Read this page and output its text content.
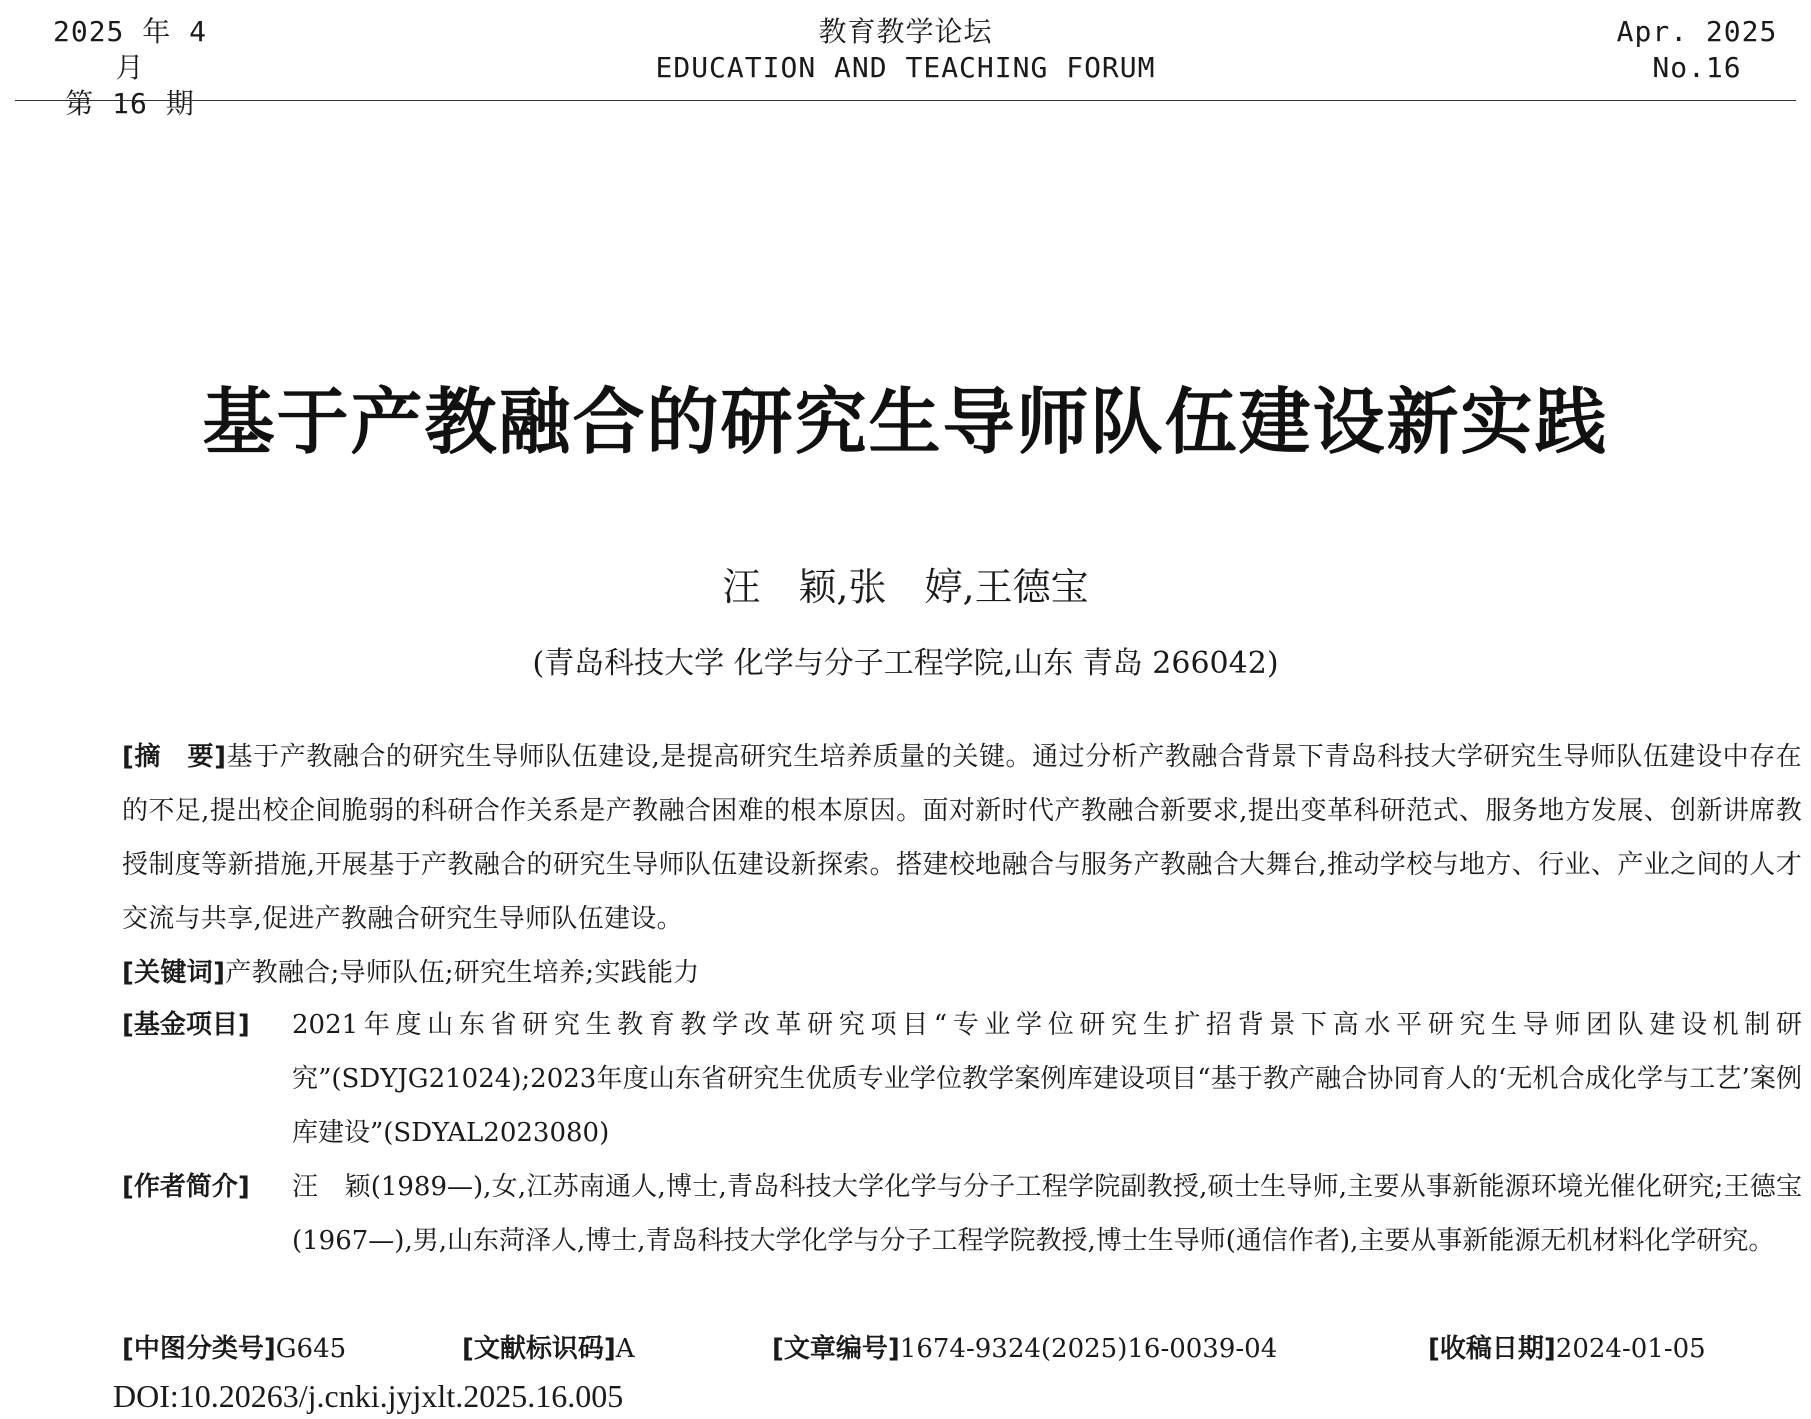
2025 年 4 月
第 16 期
教育教学论坛
EDUCATION AND TEACHING FORUM
Apr. 2025
No.16
基于产教融合的研究生导师队伍建设新实践
汪　颖,张　婷,王德宝
(青岛科技大学 化学与分子工程学院,山东 青岛 266042)
[摘　要]基于产教融合的研究生导师队伍建设,是提高研究生培养质量的关键。通过分析产教融合背景下青岛科技大学研究生导师队伍建设中存在的不足,提出校企间脆弱的科研合作关系是产教融合困难的根本原因。面对新时代产教融合新要求,提出变革科研范式、服务地方发展、创新讲席教授制度等新措施,开展基于产教融合的研究生导师队伍建设新探索。搭建校地融合与服务产教融合大舞台,推动学校与地方、行业、产业之间的人才交流与共享,促进产教融合研究生导师队伍建设。
[关键词]产教融合;导师队伍;研究生培养;实践能力
[基金项目] 2021年度山东省研究生教育教学改革研究项目“专业学位研究生扩招背景下高水平研究生导师团队建设机制研究”(SDYJG21024);2023年度山东省研究生优质专业学位教学案例库建设项目“基于教产融合协同育人的‘无机合成化学与工艺’案例库建设”(SDYAL2023080)
[作者简介] 汪　颖(1989—),女,江苏南通人,博士,青岛科技大学化学与分子工程学院副教授,硕士生导师,主要从事新能源环境光催化研究;王德宝(1967—),男,山东菏泽人,博士,青岛科技大学化学与分子工程学院教授,博士生导师(通信作者),主要从事新能源无机材料化学研究。
[中图分类号]G645	[文献标识码]A	[文章编号]1674-9324(2025)16-0039-04	[收稿日期]2024-01-05
DOI:10.20263/j.cnki.jyjxlt.2025.16.005
